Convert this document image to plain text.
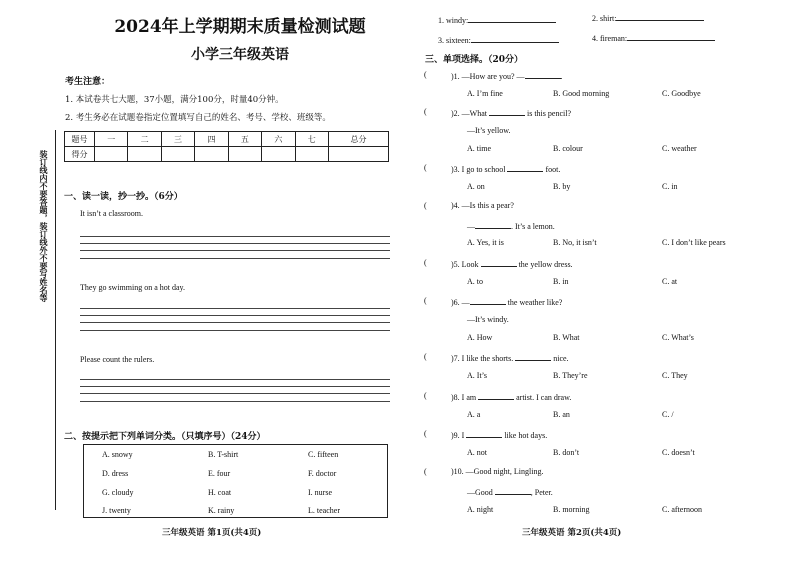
装订线内不要答题，装订线外不要写姓名等
2024年上学期期末质量检测试题
小学三年级英语
考生注意：
1. 本试卷共七大题，37小题，满分100分，时量40分钟。
2. 考生务必在试题卷指定位置填写自己的姓名、考号、学校、班级等。
题号	一	二	三	四	五	六	七	总分
得分								
一、读一读，抄一抄。（6分）
It isn’t a classroom.
They go swimming on a hot day.
Please count the rulers.
二、按提示把下列单词分类。（只填序号）（24分）
A. snowy	B. T-shirt	C. fifteen
D. dress	E. four	F. doctor
G. cloudy	H. coat	I. nurse
J. twenty	K. rainy	L. teacher
三年级英语 第1页(共4页)
1. windy:	2. shirt:
3. sixteen:	4. fireman:
三、单项选择。（20分）
(	)1. —How are you? —	.
A. I’m fine	B. Good morning	C. Goodbye
(	)2. —What	is this pencil?
—It’s yellow.
A. time	B. colour	C. weather
(	)3. I go to school	foot.
A. on	B. by	C. in
(	)4. —Is this a pear?
—	. It’s a lemon.
A. Yes, it is	B. No, it isn’t	C. I don’t like pears
(	)5. Look	the yellow dress.
A. to	B. in	C. at
(	)6. —	the weather like?
—It’s windy.
A. How	B. What	C. What’s
(	)7. I like the shorts.	nice.
A. It’s	B. They’re	C. They
(	)8. I am	artist. I can draw.
A. a	B. an	C. /
(	)9. I	like hot days.
A. not	B. don’t	C. doesn’t
(	)10. —Good night, Lingling.
—Good	, Peter.
A. night	B. morning	C. afternoon
三年级英语 第2页(共4页)
